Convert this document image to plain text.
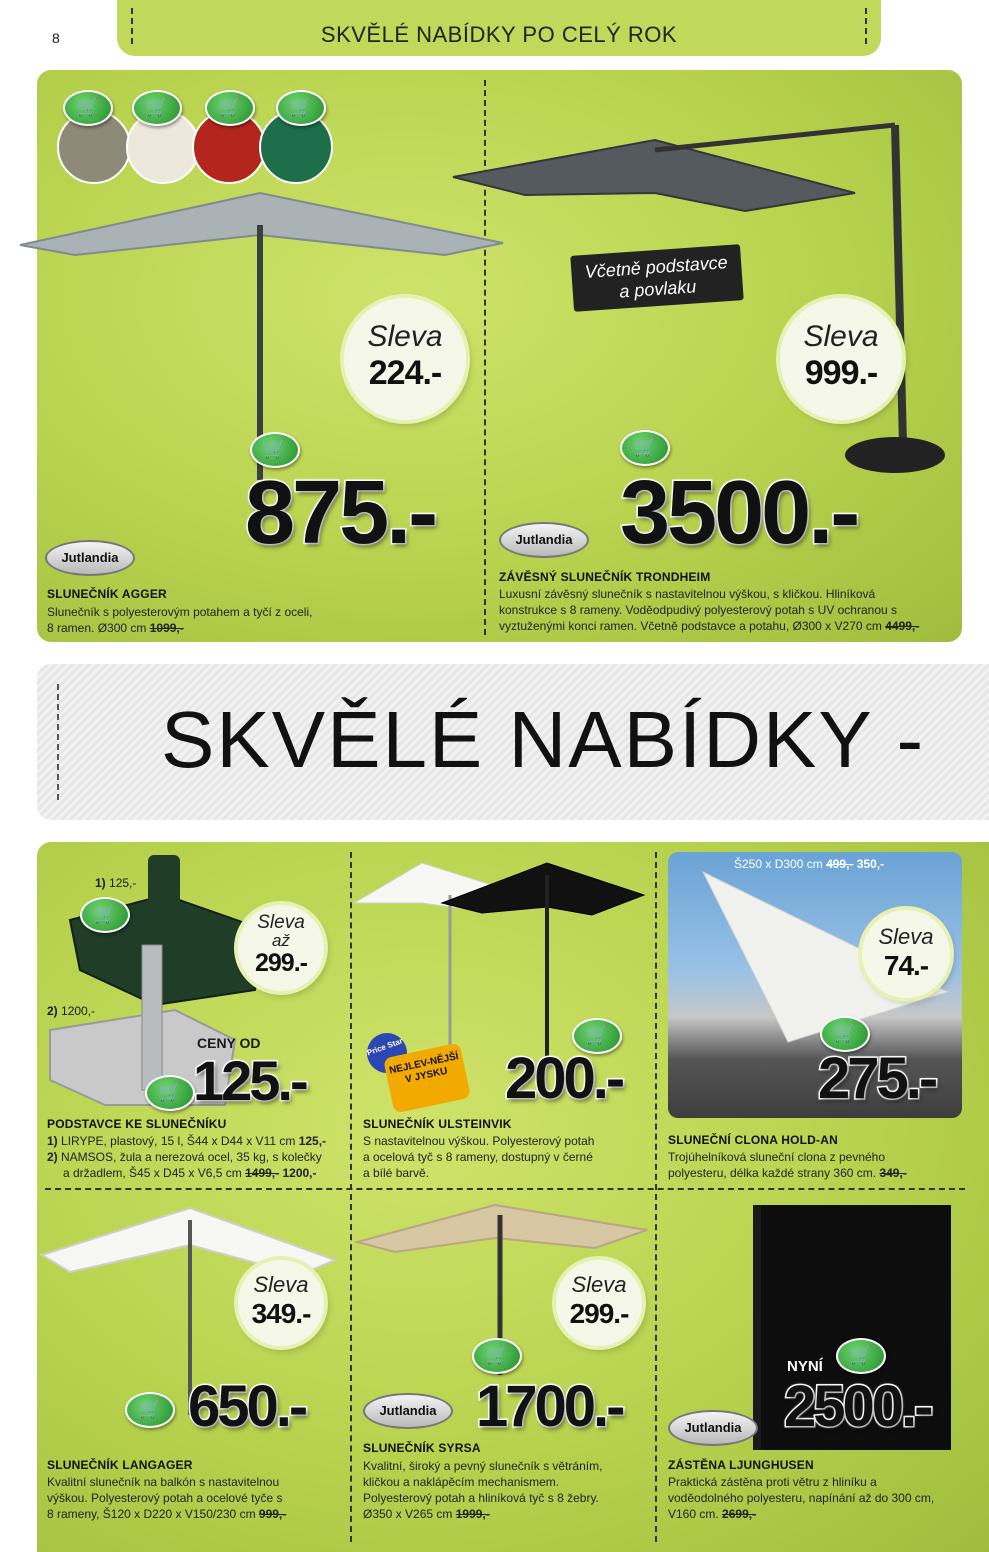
8	SKVĚLÉ NABÍDKY PO CELÝ ROK
🛒	🛒	🛒	🛒
Sleva
224.-
🛒
875.-
Jutlandia
SLUNEČNÍK AGGER
Slunečník s polyesterovým potahem a tyčí z oceli,
8 ramen. Ø300 cm 1099,-
Včetně podstavce
a povlaku
Sleva
999.-
🛒
3500.-
Jutlandia
ZÁVĚSNÝ SLUNEČNÍK TRONDHEIM
Luxusní závěsný slunečník s nastavitelnou výškou, s kličkou. Hliníková
konstrukce s 8 rameny. Voděodpudivý polyesterový potah s UV ochranou s
vyztuženými konci ramen. Včetně podstavce a potahu, Ø300 x V270 cm 4499,-
SKVĚLÉ NABÍDKY -
1) 125,-
2) 1200,-
🛒	Sleva
až
299.-
CENY OD
🛒 125.-
PODSTAVCE KE SLUNEČNÍKU
1) LIRYPE, plastový, 15 l, Š44 x D44 x V11 cm 125,-
2) NAMSOS, žula a nerezová ocel, 35 kg, s kolečky
a držadlem, Š45 x D45 x V6,5 cm 1499,- 1200,-
🛒
Price Star
NEJLEV-NĚJŠÍ V JYSKU 200.-
SLUNEČNÍK ULSTEINVIK
S nastavitelnou výškou. Polyesterový potah
a ocelová tyč s 8 rameny, dostupný v černé
a bílé barvě.
Š250 x D300 cm 499,- 350,-
Sleva
74.-
🛒
275.-
SLUNEČNÍ CLONA HOLD-AN
Trojúhelníková sluneční clona z pevného
polyesteru, délka každé strany 360 cm. 349,-
Sleva
349.-
🛒 650.-
SLUNEČNÍK LANGAGER
Kvalitní slunečník na balkón s nastavitelnou
výškou. Polyesterový potah a ocelové tyče s
8 rameny, Š120 x D220 x V150/230 cm 999,-
Sleva
299.-
🛒
Jutlandia 1700.-
SLUNEČNÍK SYRSA
Kvalitní, široký a pevný slunečník s větráním,
kličkou a naklápěcím mechanismem.
Polyesterový potah a hliníková tyč s 8 žebry.
Ø350 x V265 cm 1999,-
🛒
NYNÍ
2500.-
Jutlandia
ZÁSTĚNA LJUNGHUSEN
Praktická zástěna proti větru z hliníku a
voděodolného polyesteru, napínání až do 300 cm,
V160 cm. 2699,-
